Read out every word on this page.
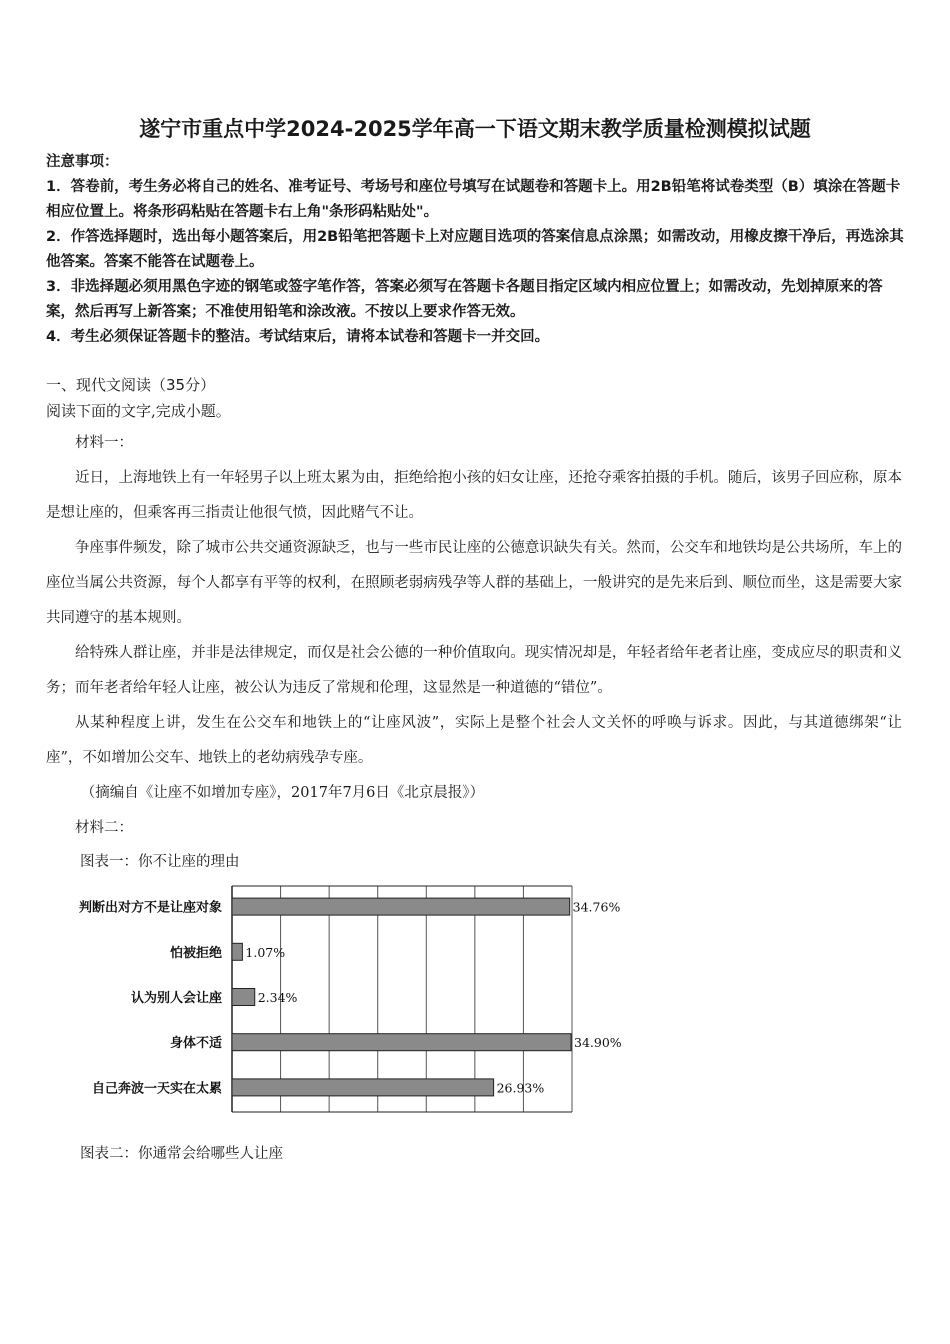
遂宁市重点中学2024-2025学年高一下语文期末教学质量检测模拟试题

注意事项：

1．答卷前，考生务必将自己的姓名、准考证号、考场号和座位号填写在试题卷和答题卡上。用2B铅笔将试卷类型（B）填涂在答题卡相应位置上。将条形码粘贴在答题卡右上角"条形码粘贴处"。

2．作答选择题时，选出每小题答案后，用2B铅笔把答题卡上对应题目选项的答案信息点涂黑；如需改动，用橡皮擦干净后，再选涂其他答案。答案不能答在试题卷上。

3．非选择题必须用黑色字迹的钢笔或签字笔作答，答案必须写在答题卡各题目指定区域内相应位置上；如需改动，先划掉原来的答案，然后再写上新答案；不准使用铅笔和涂改液。不按以上要求作答无效。

4．考生必须保证答题卡的整洁。考试结束后，请将本试卷和答题卡一并交回。

一、现代文阅读（35分）
阅读下面的文字,完成小题。

材料一：

近日，上海地铁上有一年轻男子以上班太累为由，拒绝给抱小孩的妇女让座，还抢夺乘客拍摄的手机。随后，该男子回应称，原本是想让座的，但乘客再三指责让他很气愤，因此赌气不让。

争座事件频发，除了城市公共交通资源缺乏，也与一些市民让座的公德意识缺失有关。然而，公交车和地铁均是公共场所，车上的座位当属公共资源，每个人都享有平等的权利，在照顾老弱病残孕等人群的基础上，一般讲究的是先来后到、顺位而坐，这是需要大家共同遵守的基本规则。

给特殊人群让座，并非是法律规定，而仅是社会公德的一种价值取向。现实情况却是，年轻者给年老者让座，变成应尽的职责和义务；而年老者给年轻人让座，被公认为违反了常规和伦理，这显然是一种道德的“错位”。

从某种程度上讲，发生在公交车和地铁上的“让座风波”，实际上是整个社会人文关怀的呼唤与诉求。因此，与其道德绑架“让座”，不如增加公交车、地铁上的老幼病残孕专座。

（摘编自《让座不如增加专座》，2017年7月6日《北京晨报》）

材料二：

图表一：你不让座的理由
判断出对方不是让座对象	34.76%
怕被拒绝 1.07%
认为别人会让座	2.34%
身体不适	34.90%
自己奔波一天实在太累	26.93%
图表二：你通常会给哪些人让座
